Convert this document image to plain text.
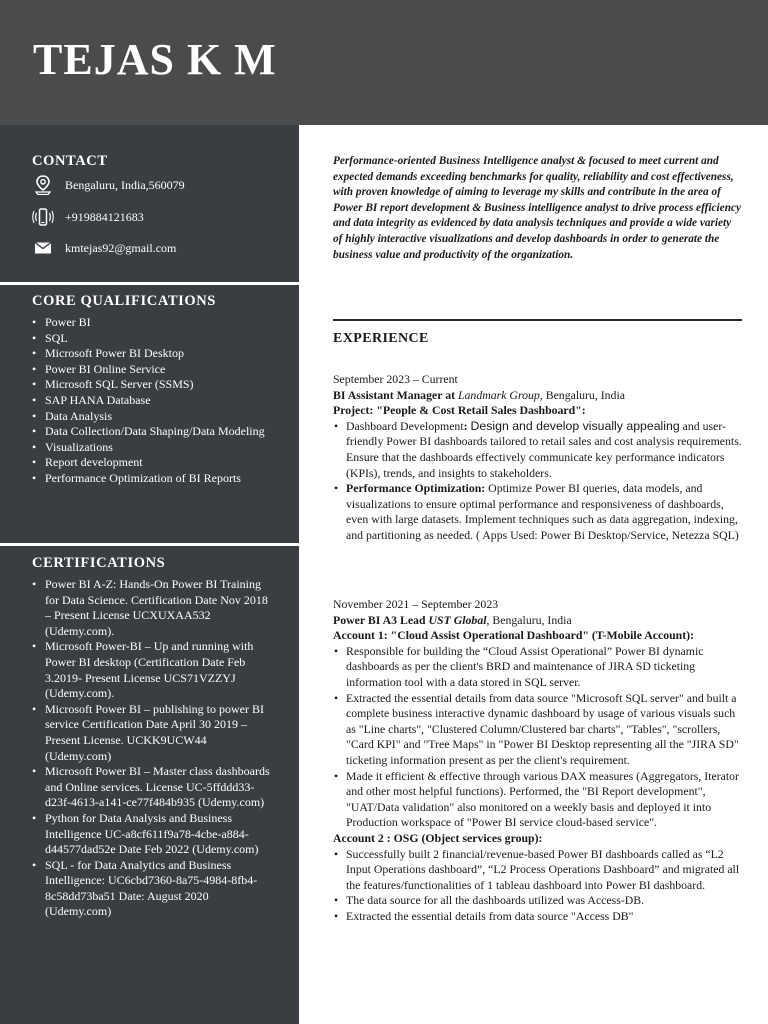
TEJAS K M
CONTACT
Bengaluru, India,560079
+919884121683
kmtejas92@gmail.com
CORE QUALIFICATIONS
• Power BI
• SQL
• Microsoft Power BI Desktop
• Power BI Online Service
• Microsoft SQL Server (SSMS)
• SAP HANA Database
• Data Analysis
• Data Collection/Data Shaping/Data Modeling
• Visualizations
• Report development
• Performance Optimization of BI Reports
CERTIFICATIONS
• Power BI A-Z: Hands-On Power BI Training for Data Science. Certification Date Nov 2018 – Present License UCXUXAA532 (Udemy.com).
• Microsoft Power-BI – Up and running with Power BI desktop (Certification Date Feb 3.2019- Present License UCS71VZZYJ (Udemy.com).
• Microsoft Power BI – publishing to power BI service Certification Date April 30 2019 – Present License. UCKK9UCW44 (Udemy.com)
• Microsoft Power BI – Master class dashboards and Online services. License UC-5ffddd33- d23f-4613-a141-ce77f484b935 (Udemy.com)
• Python for Data Analysis and Business Intelligence UC-a8cf611f9a78-4cbe-a884- d44577dad52e Date Feb 2022 (Udemy.com)
• SQL - for Data Analytics and Business Intelligence: UC6cbd7360-8a75-4984-8fb4-8c58dd73ba51 Date: August 2020 (Udemy.com)

Performance-oriented Business Intelligence analyst & focused to meet current and expected demands exceeding benchmarks for quality, reliability and cost effectiveness, with proven knowledge of aiming to leverage my skills and contribute in the area of Power BI report development & Business intelligence analyst to drive process efficiency and data integrity as evidenced by data analysis techniques and provide a wide variety of highly interactive visualizations and develop dashboards in order to generate the business value and productivity of the organization.

EXPERIENCE

September 2023 – Current

BI Assistant Manager at Landmark Group, Bengaluru, India

Project: "People & Cost Retail Sales Dashboard":

• Dashboard Development: Design and develop visually appealing and user-friendly Power BI dashboards tailored to retail sales and cost analysis requirements. Ensure that the dashboards effectively communicate key performance indicators (KPIs), trends, and insights to stakeholders.
• Performance Optimization: Optimize Power BI queries, data models, and visualizations to ensure optimal performance and responsiveness of dashboards, even with large datasets. Implement techniques such as data aggregation, indexing, and partitioning as needed. ( Apps Used: Power Bi Desktop/Service, Netezza SQL)

November 2021 – September 2023

Power BI A3 Lead UST Global, Bengaluru, India

Account 1: "Cloud Assist Operational Dashboard" (T-Mobile Account):

• Responsible for building the “Cloud Assist Operational” Power BI dynamic dashboards as per the client's BRD and maintenance of JIRA SD ticketing information tool with a data stored in SQL server.
• Extracted the essential details from data source "Microsoft SQL server" and built a complete business interactive dynamic dashboard by usage of various visuals such as "Line charts", "Clustered Column/Clustered bar charts", "Tables", "scrollers, "Card KPI" and "Tree Maps" in "Power BI Desktop representing all the "JIRA SD" ticketing information present as per the client's requirement.
• Made it efficient & effective through various DAX measures (Aggregators, Iterator and other most helpful functions). Performed, the "BI Report development", "UAT/Data validation" also monitored on a weekly basis and deployed it into Production workspace of "Power BI service cloud-based service".

Account 2 : OSG (Object services group):

• Successfully built 2 financial/revenue-based Power BI dashboards called as “L2 Input Operations dashboard”, “L2 Process Operations Dashboard” and migrated all the features/functionalities of 1 tableau dashboard into Power BI dashboard.
• The data source for all the dashboards utilized was Access-DB.
• Extracted the essential details from data source "Access DB"
